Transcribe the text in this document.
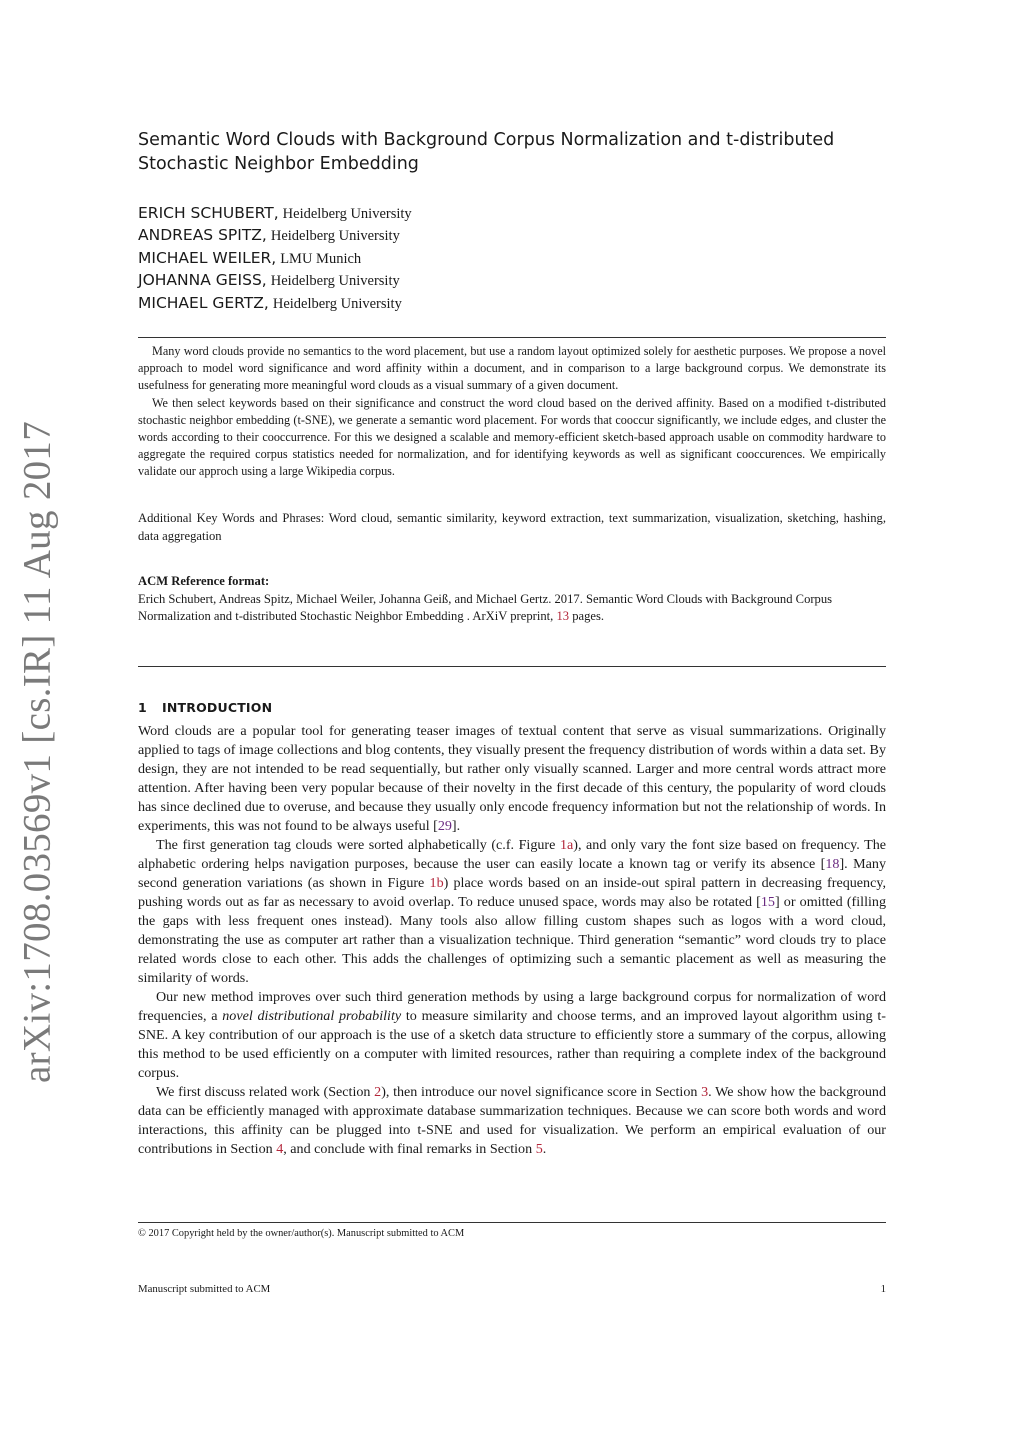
arXiv:1708.03569v1 [cs.IR] 11 Aug 2017
Semantic Word Clouds with Background Corpus Normalization and t-distributed Stochastic Neighbor Embedding
ERICH SCHUBERT, Heidelberg University
ANDREAS SPITZ, Heidelberg University
MICHAEL WEILER, LMU Munich
JOHANNA GEISS, Heidelberg University
MICHAEL GERTZ, Heidelberg University

Many word clouds provide no semantics to the word placement, but use a random layout optimized solely for aesthetic purposes. We propose a novel approach to model word significance and word affinity within a document, and in comparison to a large background corpus. We demonstrate its usefulness for generating more meaningful word clouds as a visual summary of a given document.

We then select keywords based on their significance and construct the word cloud based on the derived affinity. Based on a modified t-distributed stochastic neighbor embedding (t-SNE), we generate a semantic word placement. For words that cooccur significantly, we include edges, and cluster the words according to their cooccurrence. For this we designed a scalable and memory-efficient sketch-based approach usable on commodity hardware to aggregate the required corpus statistics needed for normalization, and for identifying keywords as well as significant cooccurences. We empirically validate our approch using a large Wikipedia corpus.

Additional Key Words and Phrases: Word cloud, semantic similarity, keyword extraction, text summarization, visualization, sketching, hashing, data aggregation
ACM Reference format:
Erich Schubert, Andreas Spitz, Michael Weiler, Johanna Geiß, and Michael Gertz. 2017. Semantic Word Clouds with Background Corpus Normalization and t-distributed Stochastic Neighbor Embedding . ArXiV preprint, 13 pages.
1 INTRODUCTION

Word clouds are a popular tool for generating teaser images of textual content that serve as visual summarizations. Originally applied to tags of image collections and blog contents, they visually present the frequency distribution of words within a data set. By design, they are not intended to be read sequentially, but rather only visually scanned. Larger and more central words attract more attention. After having been very popular because of their novelty in the first decade of this century, the popularity of word clouds has since declined due to overuse, and because they usually only encode frequency information but not the relationship of words. In experiments, this was not found to be always useful [29].

The first generation tag clouds were sorted alphabetically (c.f. Figure 1a), and only vary the font size based on frequency. The alphabetic ordering helps navigation purposes, because the user can easily locate a known tag or verify its absence [18]. Many second generation variations (as shown in Figure 1b) place words based on an inside-out spiral pattern in decreasing frequency, pushing words out as far as necessary to avoid overlap. To reduce unused space, words may also be rotated [15] or omitted (filling the gaps with less frequent ones instead). Many tools also allow filling custom shapes such as logos with a word cloud, demonstrating the use as computer art rather than a visualization technique. Third generation “semantic” word clouds try to place related words close to each other. This adds the challenges of optimizing such a semantic placement as well as measuring the similarity of words.

Our new method improves over such third generation methods by using a large background corpus for normalization of word frequencies, a novel distributional probability to measure similarity and choose terms, and an improved layout algorithm using t-SNE. A key contribution of our approach is the use of a sketch data structure to efficiently store a summary of the corpus, allowing this method to be used efficiently on a computer with limited resources, rather than requiring a complete index of the background corpus.

We first discuss related work (Section 2), then introduce our novel significance score in Section 3. We show how the background data can be efficiently managed with approximate database summarization techniques. Because we can score both words and word interactions, this affinity can be plugged into t-SNE and used for visualization. We perform an empirical evaluation of our contributions in Section 4, and conclude with final remarks in Section 5.

© 2017 Copyright held by the owner/author(s). Manuscript submitted to ACM
Manuscript submitted to ACM	1
